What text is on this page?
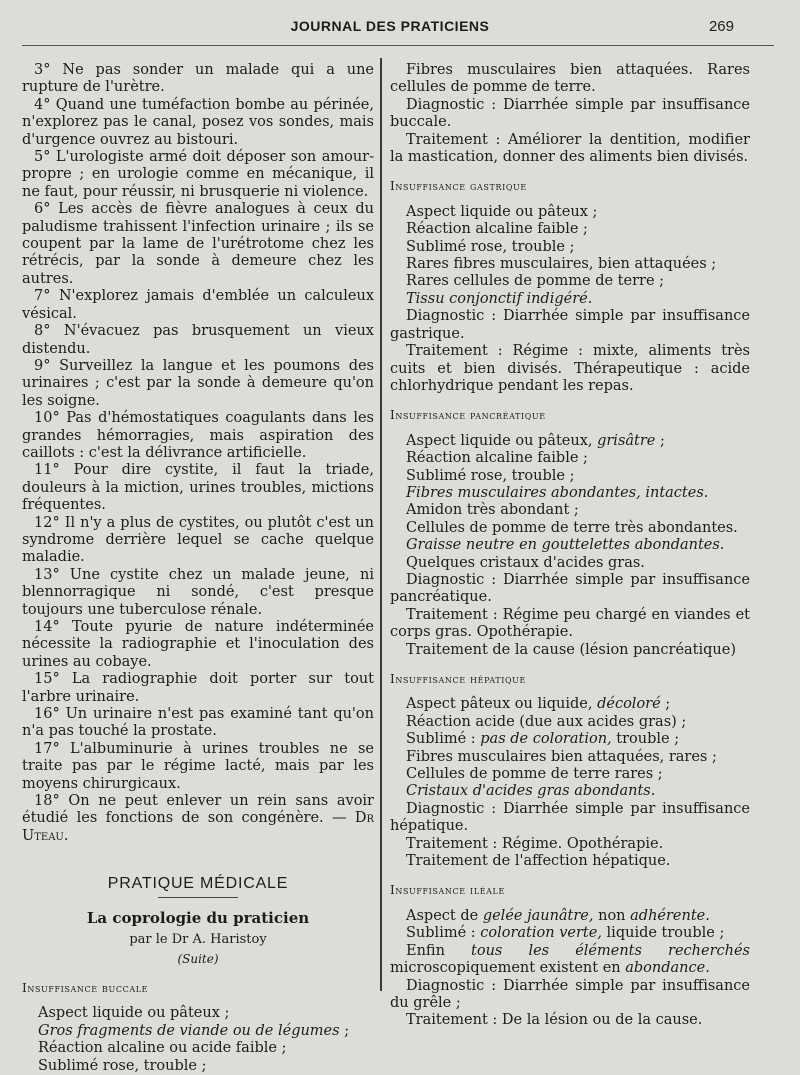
JOURNAL DES PRATICIENS	269

3° Ne pas sonder un malade qui a une rupture de l'urètre.

4° Quand une tuméfaction bombe au périnée, n'explorez pas le canal, posez vos sondes, mais d'urgence ouvrez au bistouri.

5° L'urologiste armé doit déposer son amour-propre ; en urologie comme en mécanique, il ne faut, pour réussir, ni brusquerie ni violence.

6° Les accès de fièvre analogues à ceux du paludisme trahissent l'infection urinaire ; ils se coupent par la lame de l'urétrotome chez les rétrécis, par la sonde à demeure chez les autres.

7° N'explorez jamais d'emblée un calculeux vésical.

8° N'évacuez pas brusquement un vieux distendu.

9° Surveillez la langue et les poumons des urinaires ; c'est par la sonde à demeure qu'on les soigne.

10° Pas d'hémostatiques coagulants dans les grandes hémorragies, mais aspiration des caillots : c'est la délivrance artificielle.

11° Pour dire cystite, il faut la triade, douleurs à la miction, urines troubles, mictions fréquentes.

12° Il n'y a plus de cystites, ou plutôt c'est un syndrome derrière lequel se cache quelque maladie.

13° Une cystite chez un malade jeune, ni blennorragique ni sondé, c'est presque toujours une tuberculose rénale.

14° Toute pyurie de nature indéterminée nécessite la radiographie et l'inoculation des urines au cobaye.

15° La radiographie doit porter sur tout l'arbre urinaire.

16° Un urinaire n'est pas examiné tant qu'on n'a pas touché la prostate.

17° L'albuminurie à urines troubles ne se traite pas par le régime lacté, mais par les moyens chirurgicaux.

18° On ne peut enlever un rein sans avoir étudié les fonctions de son congénère. — Dr Uteau.

PRATIQUE MÉDICALE
La coprologie du praticien
par le Dr A. Haristoy
(Suite)

Insuffisance buccale

Aspect liquide ou pâteux ;

Gros fragments de viande ou de légumes ;

Réaction alcaline ou acide faible ;

Sublimé rose, trouble ;

Fibres musculaires bien attaquées. Rares cellules de pomme de terre.

Diagnostic : Diarrhée simple par insuffisance buccale.

Traitement : Améliorer la dentition, modifier la mastication, donner des aliments bien divisés.

Insuffisance gastrique

Aspect liquide ou pâteux ;

Réaction alcaline faible ;

Sublimé rose, trouble ;

Rares fibres musculaires, bien attaquées ;

Rares cellules de pomme de terre ;

Tissu conjonctif indigéré.

Diagnostic : Diarrhée simple par insuffisance gastrique.

Traitement : Régime : mixte, aliments très cuits et bien divisés. Thérapeutique : acide chlorhydrique pendant les repas.

Insuffisance pancréatique

Aspect liquide ou pâteux, grisâtre ;

Réaction alcaline faible ;

Sublimé rose, trouble ;

Fibres musculaires abondantes, intactes.

Amidon très abondant ;

Cellules de pomme de terre très abondantes.

Graisse neutre en gouttelettes abondantes.

Quelques cristaux d'acides gras.

Diagnostic : Diarrhée simple par insuffisance pancréatique.

Traitement : Régime peu chargé en viandes et corps gras. Opothérapie.

Traitement de la cause (lésion pancréatique)

Insuffisance hépatique

Aspect pâteux ou liquide, décoloré ;

Réaction acide (due aux acides gras) ;

Sublimé : pas de coloration, trouble ;

Fibres musculaires bien attaquées, rares ;

Cellules de pomme de terre rares ;

Cristaux d'acides gras abondants.

Diagnostic : Diarrhée simple par insuffisance hépatique.

Traitement : Régime. Opothérapie.

Traitement de l'affection hépatique.

Insuffisance iléale

Aspect de gelée jaunâtre, non adhérente.

Sublimé : coloration verte, liquide trouble ;

Enfin tous les éléments recherchés microscopiquement existent en abondance.

Diagnostic : Diarrhée simple par insuffisance du grêle ;

Traitement : De la lésion ou de la cause.
